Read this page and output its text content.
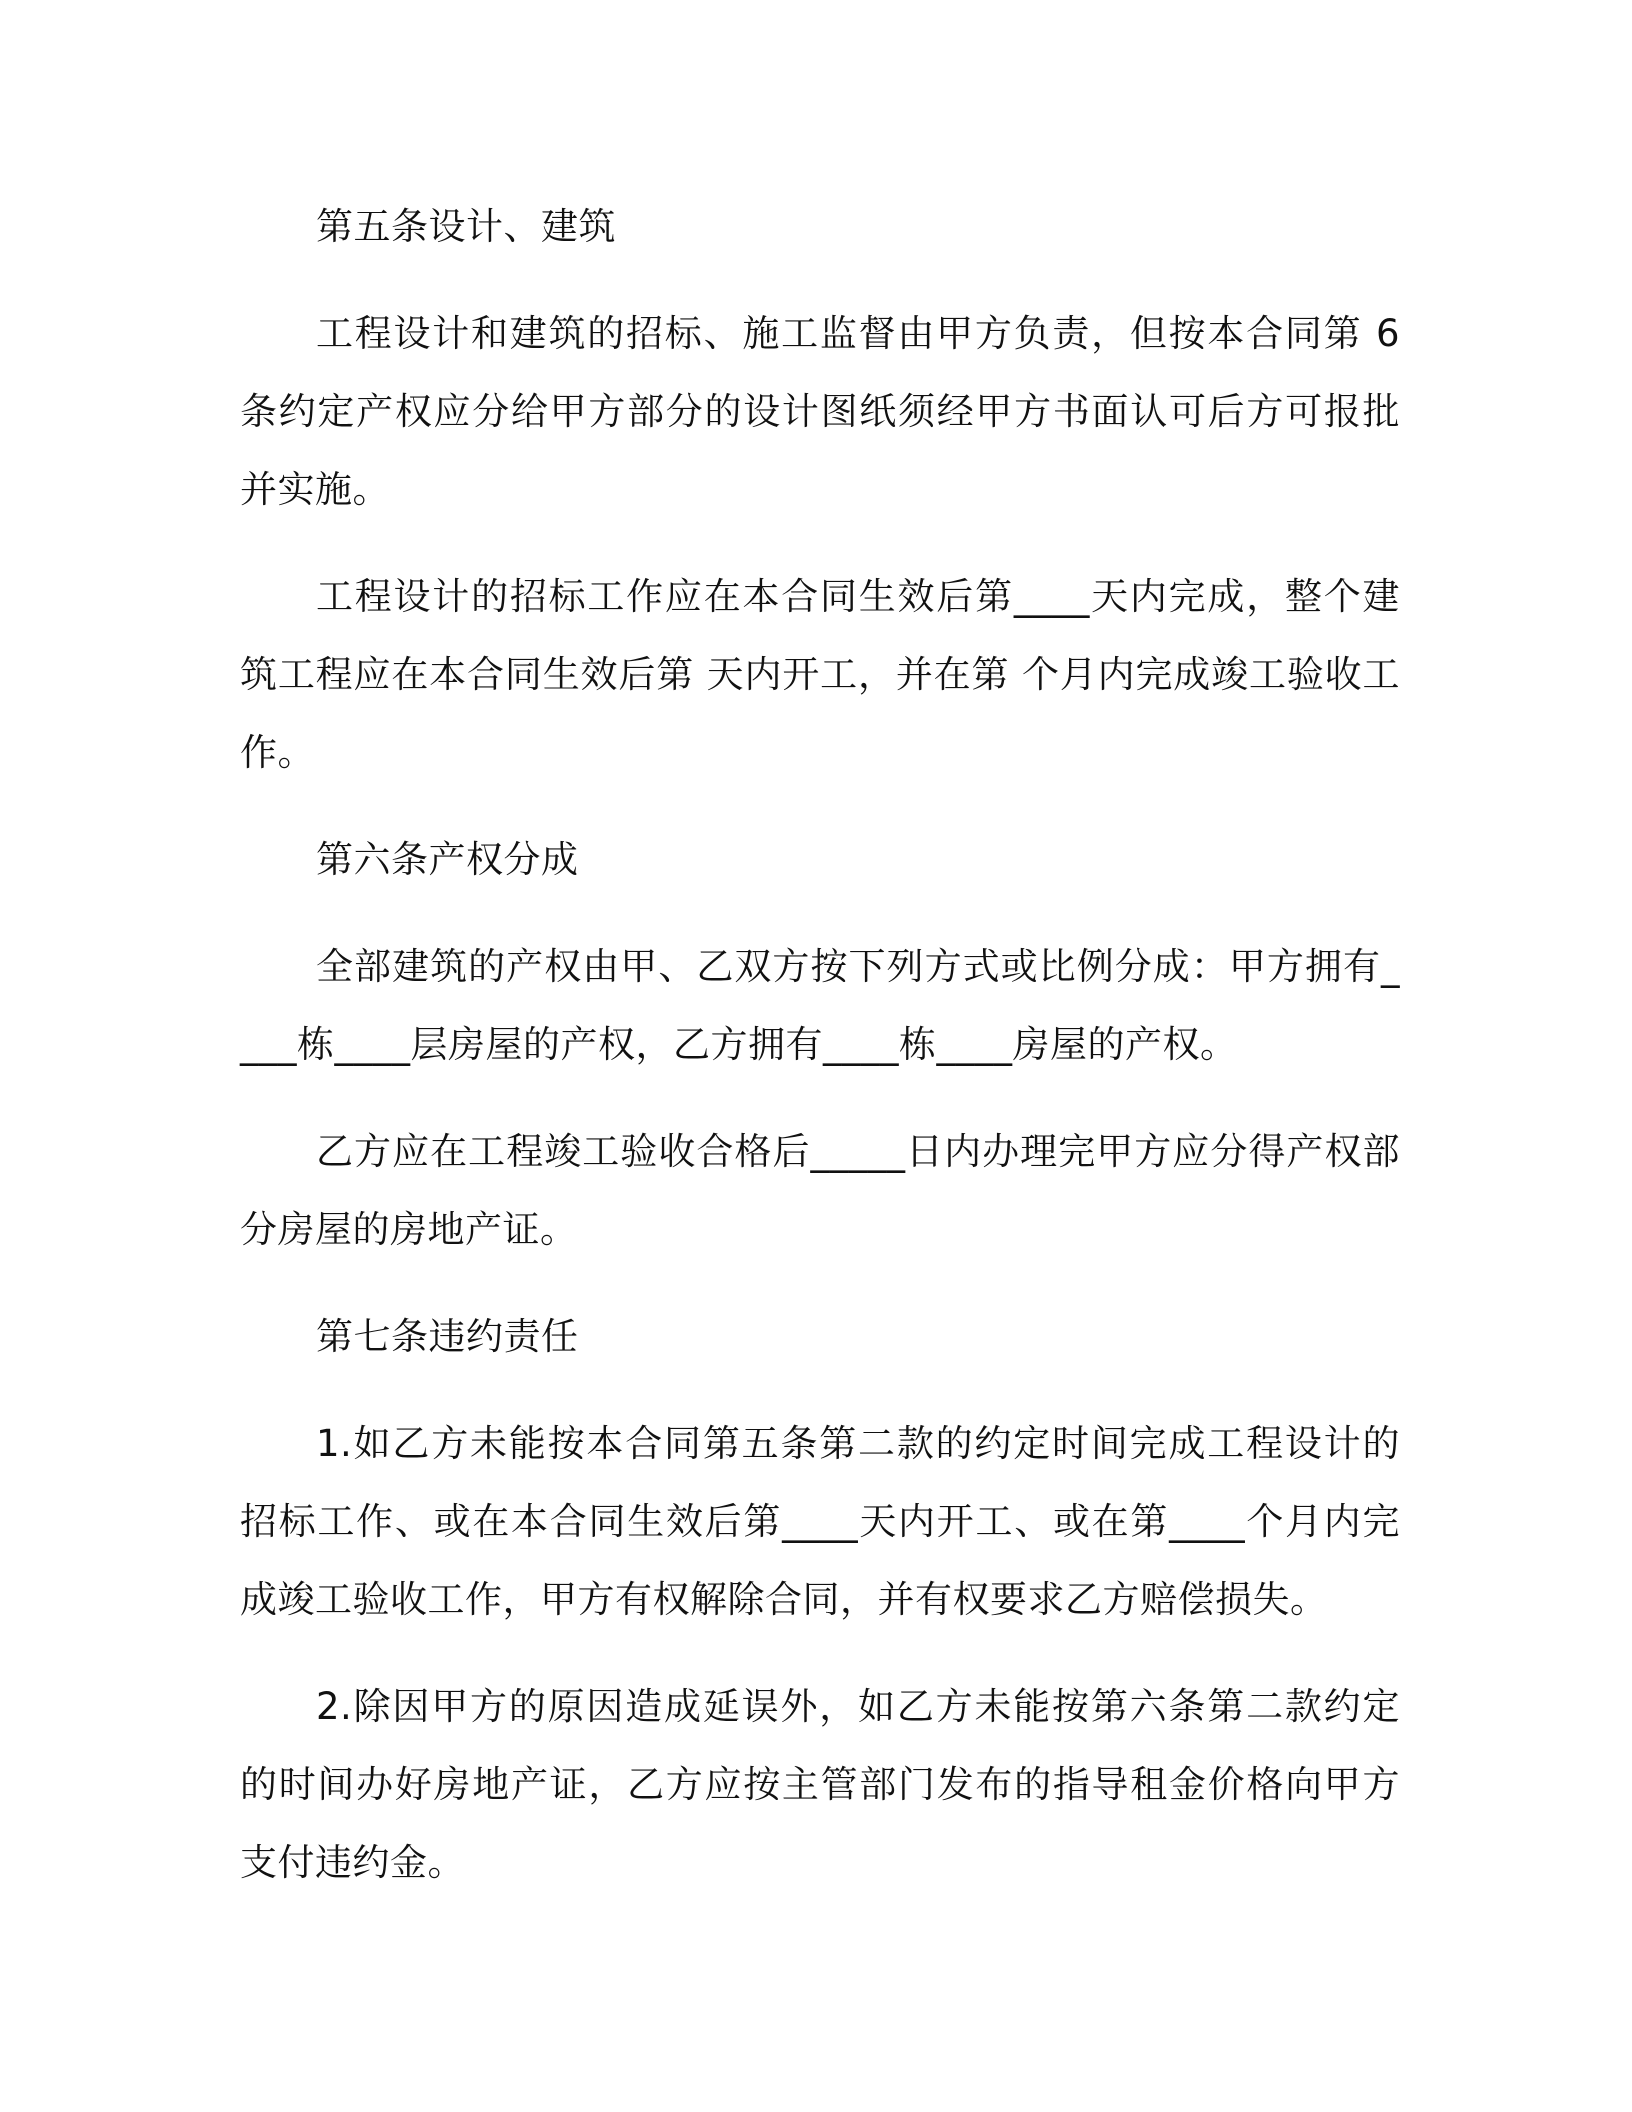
第五条设计、建筑

工程设计和建筑的招标、施工监督由甲方负责，但按本合同第 6 条约定产权应分给甲方部分的设计图纸须经甲方书面认可后方可报批并实施。

工程设计的招标工作应在本合同生效后第____天内完成，整个建筑工程应在本合同生效后第 天内开工，并在第 个月内完成竣工验收工作。

第六条产权分成

全部建筑的产权由甲、乙双方按下列方式或比例分成：甲方拥有____栋____层房屋的产权，乙方拥有____栋____房屋的产权。

乙方应在工程竣工验收合格后_____日内办理完甲方应分得产权部分房屋的房地产证。

第七条违约责任

1.如乙方未能按本合同第五条第二款的约定时间完成工程设计的招标工作、或在本合同生效后第____天内开工、或在第____个月内完成竣工验收工作，甲方有权解除合同，并有权要求乙方赔偿损失。

2.除因甲方的原因造成延误外，如乙方未能按第六条第二款约定的时间办好房地产证，乙方应按主管部门发布的指导租金价格向甲方支付违约金。
